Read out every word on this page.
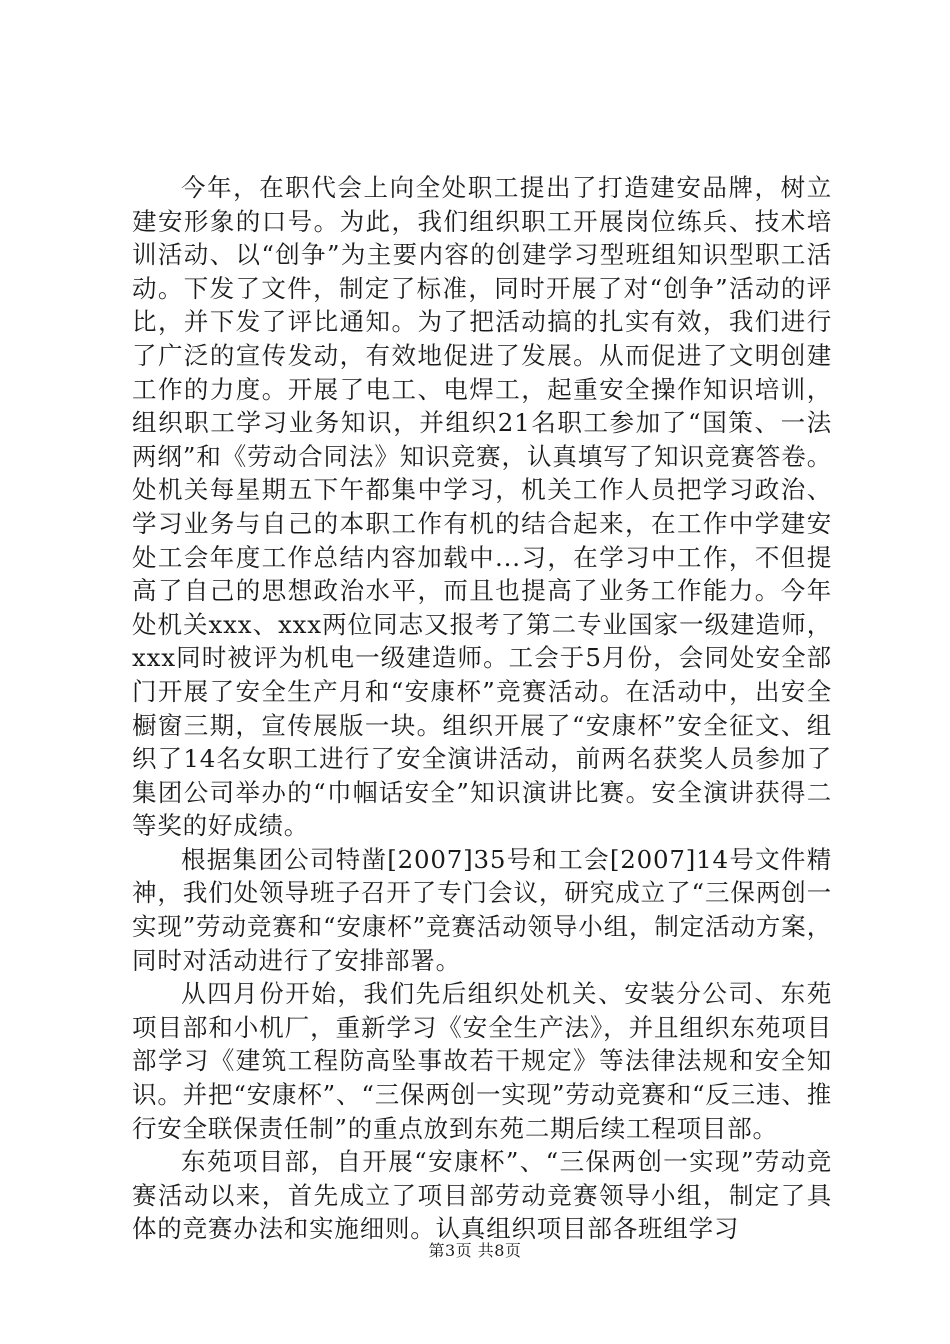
今年，在职代会上向全处职工提出了打造建安品牌，树立建安形象的口号。为此，我们组织职工开展岗位练兵、技术培训活动、以“创争”为主要内容的创建学习型班组知识型职工活动。下发了文件，制定了标准，同时开展了对“创争”活动的评比，并下发了评比通知。为了把活动搞的扎实有效，我们进行了广泛的宣传发动，有效地促进了发展。从而促进了文明创建工作的力度。开展了电工、电焊工，起重安全操作知识培训，组织职工学习业务知识，并组织21名职工参加了“国策、一法两纲”和《劳动合同法》知识竞赛，认真填写了知识竞赛答卷。处机关每星期五下午都集中学习，机关工作人员把学习政治、学习业务与自己的本职工作有机的结合起来，在工作中学建安处工会年度工作总结内容加载中...习，在学习中工作，不但提高了自己的思想政治水平，而且也提高了业务工作能力。今年处机关xxx、xxx两位同志又报考了第二专业国家一级建造师，xxx同时被评为机电一级建造师。工会于5月份，会同处安全部门开展了安全生产月和“安康杯”竞赛活动。在活动中，出安全橱窗三期，宣传展版一块。组织开展了“安康杯”安全征文、组织了14名女职工进行了安全演讲活动，前两名获奖人员参加了集团公司举办的“巾帼话安全”知识演讲比赛。安全演讲获得二等奖的好成绩。

根据集团公司特凿[2007]35号和工会[2007]14号文件精神，我们处领导班子召开了专门会议，研究成立了“三保两创一实现”劳动竞赛和“安康杯”竞赛活动领导小组，制定活动方案，同时对活动进行了安排部署。

从四月份开始，我们先后组织处机关、安装分公司、东苑项目部和小机厂，重新学习《安全生产法》，并且组织东苑项目部学习《建筑工程防高坠事故若干规定》等法律法规和安全知识。并把“安康杯”、“三保两创一实现”劳动竞赛和“反三违、推行安全联保责任制”的重点放到东苑二期后续工程项目部。

东苑项目部，自开展“安康杯”、“三保两创一实现”劳动竞赛活动以来，首先成立了项目部劳动竞赛领导小组，制定了具体的竞赛办法和实施细则。认真组织项目部各班组学习

第3页 共8页
